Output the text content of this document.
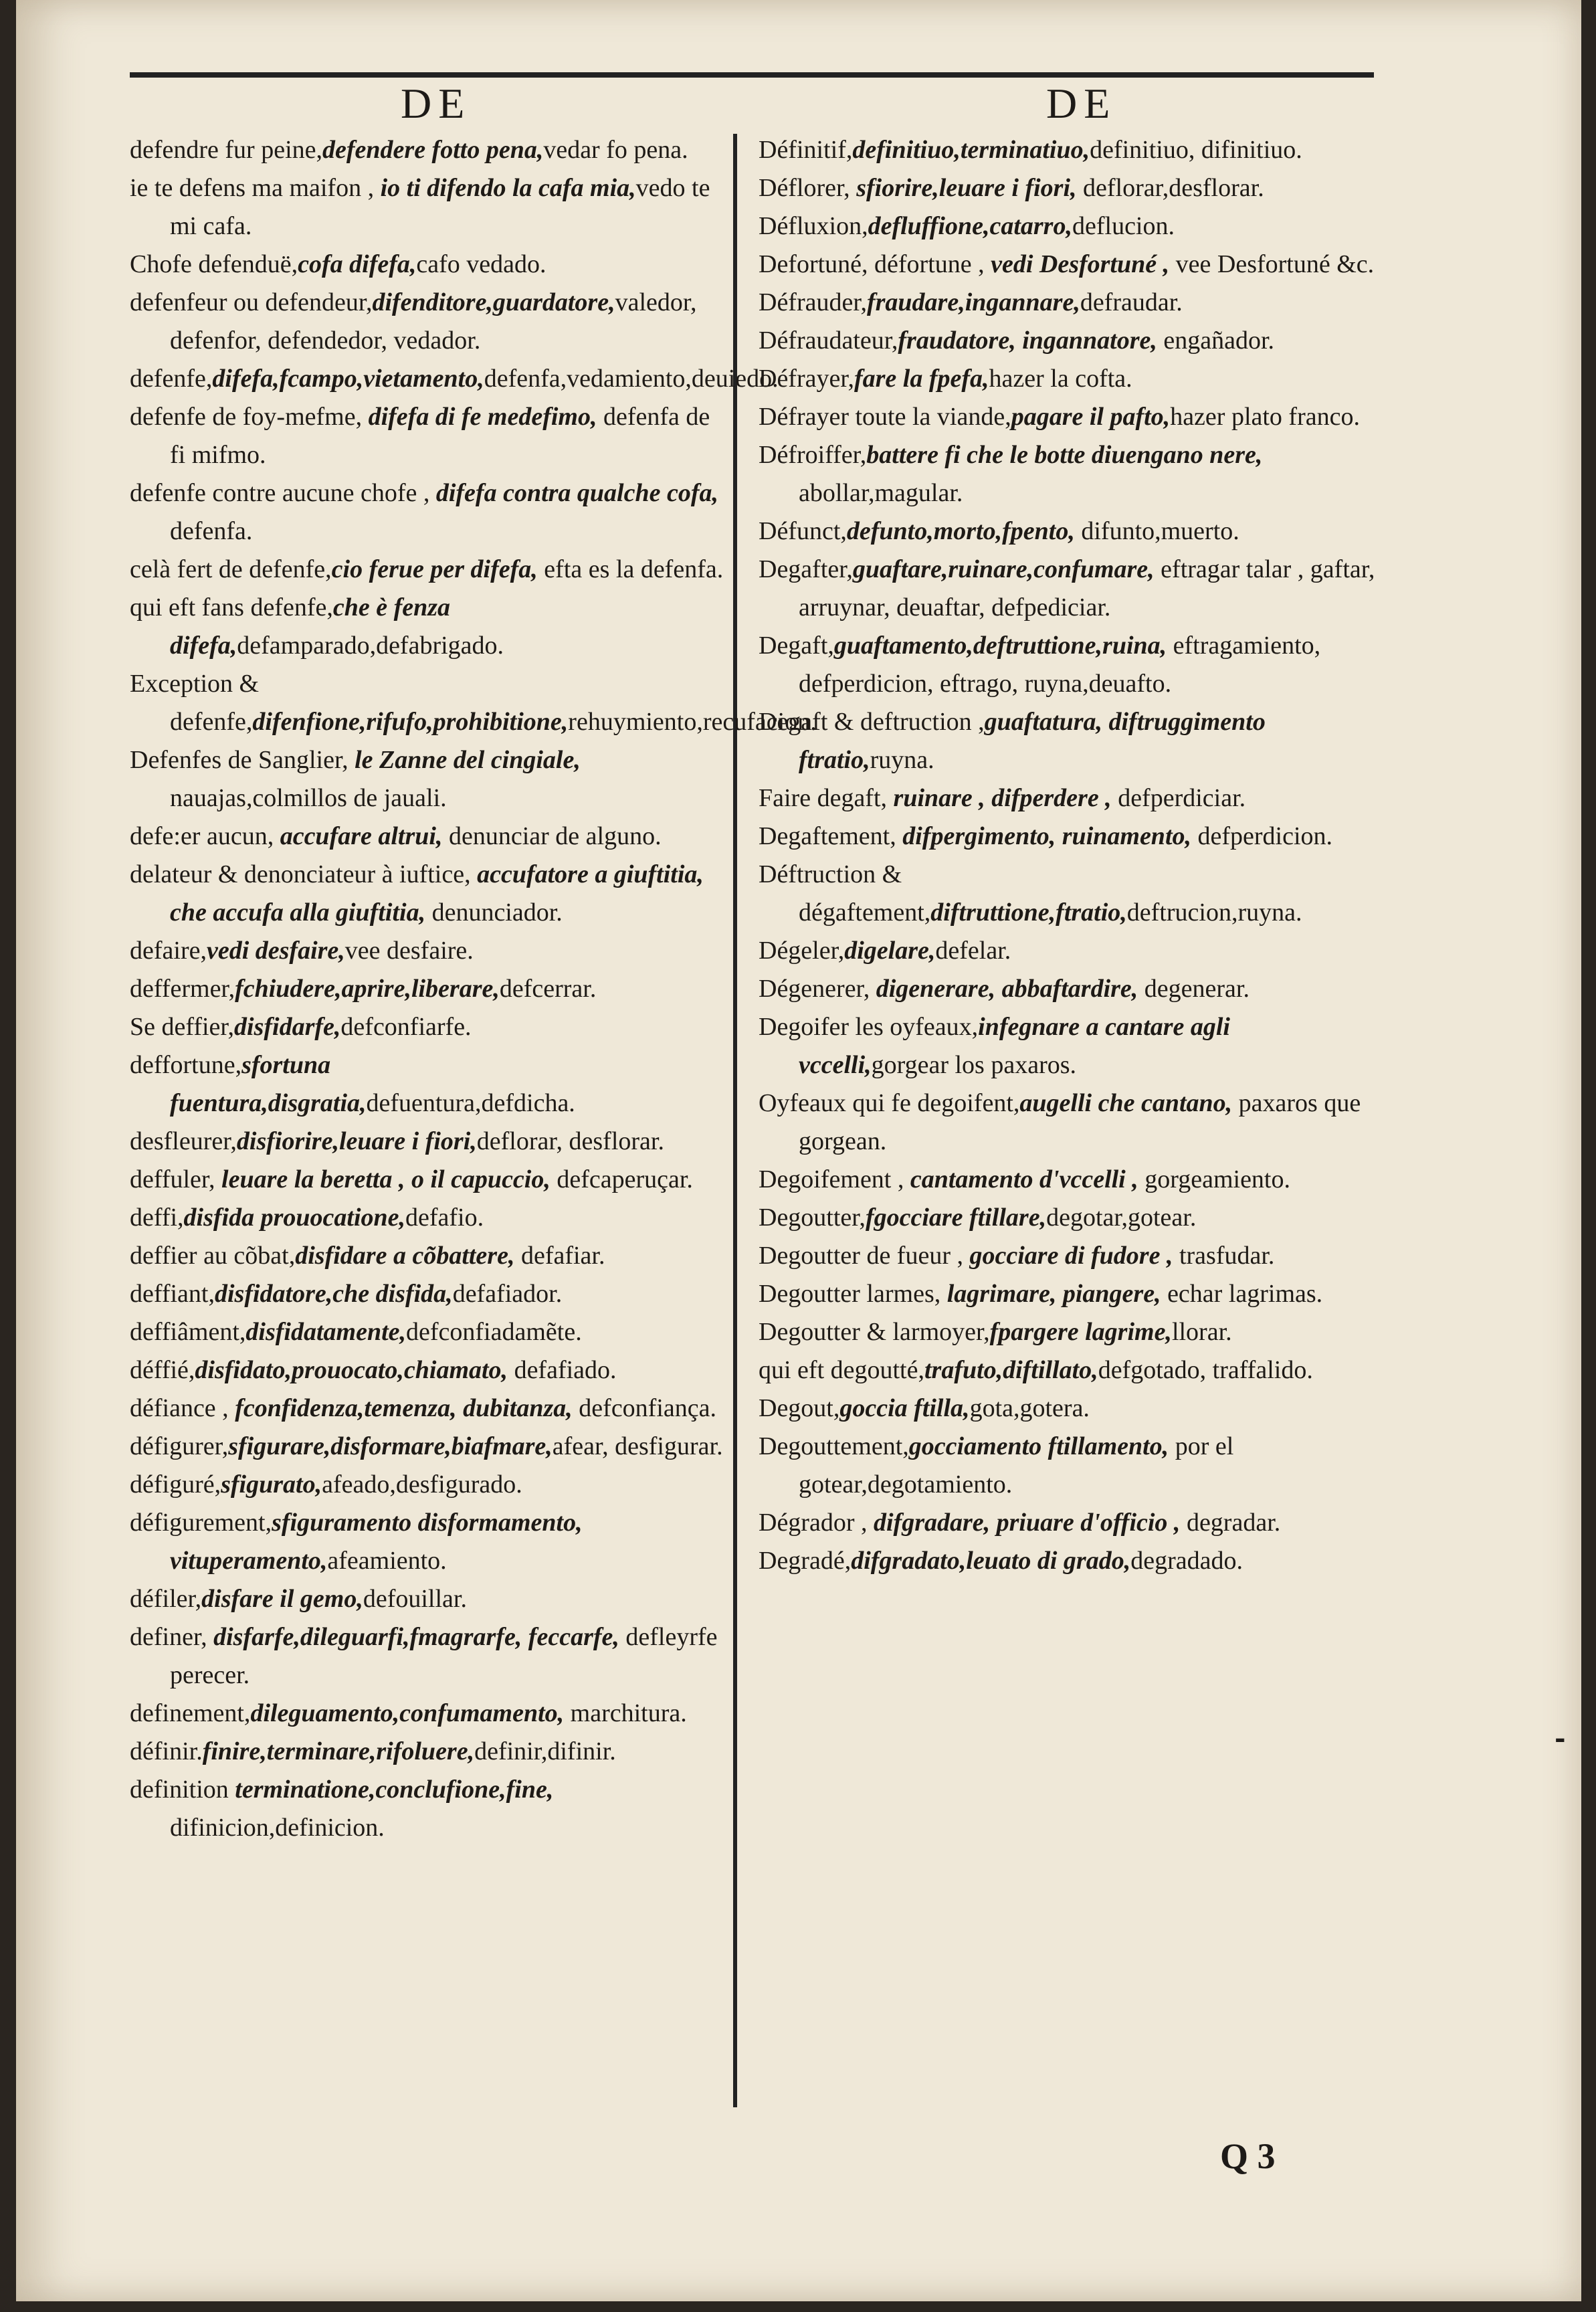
DE	DE

defendre fur peine,defendere fotto pena,vedar fo pena.

ie te defens ma maifon , io ti difendo la cafa mia,vedo te mi cafa.

Chofe defenduë,cofa difefa,cafo vedado.

defenfeur ou defendeur,difenditore,guardatore,valedor, defenfor, defendedor, vedador.

defenfe,difefa,fcampo,vietamento,defenfa,vedamiento,deuiedo.

defenfe de foy-mefme, difefa di fe medefimo, defenfa de fi mifmo.

defenfe contre aucune chofe , difefa contra qualche cofa, defenfa.

celà fert de defenfe,cio ferue per difefa, efta es la defenfa.

qui eft fans defenfe,che è fenza difefa,defamparado,defabrigado.

Exception & defenfe,difenfione,rifufo,prohibitione,rehuymiento,recufacion.

Defenfes de Sanglier, le Zanne del cingiale, nauajas,colmillos de jauali.

defe:er aucun, accufare altrui, denunciar de alguno.

delateur & denonciateur à iuftice, accufatore a giuftitia, che accufa alla giuftitia, denunciador.

defaire,vedi desfaire,vee desfaire.

deffermer,fchiudere,aprire,liberare,defcerrar.

Se deffier,disfidarfe,defconfiarfe.

deffortune,sfortuna fuentura,disgratia,defuentura,defdicha.

desfleurer,disfiorire,leuare i fiori,deflorar, desflorar.

deffuler, leuare la beretta , o il capuccio, defcaperuçar.

deffi,disfida prouocatione,defafio.

deffier au cõbat,disfidare a cõbattere, defafiar.

deffiant,disfidatore,che disfida,defafiador.

deffiâment,disfidatamente,defconfiadamẽte.

déffié,disfidato,prouocato,chiamato, defafiado.

défiance , fconfidenza,temenza, dubitanza, defconfiança.

défigurer,sfigurare,disformare,biafmare,afear, desfigurar.

défiguré,sfigurato,afeado,desfigurado.

défigurement,sfiguramento disformamento, vituperamento,afeamiento.

défiler,disfare il gemo,defouillar.

definer, disfarfe,dileguarfi,fmagrarfe, feccarfe, defleyrfe perecer.

definement,dileguamento,confumamento, marchitura.

définir.finire,terminare,rifoluere,definir,difinir.

definition terminatione,conclufione,fine, difinicion,definicion.

Définitif,definitiuo,terminatiuo,definitiuo, difinitiuo.

Déflorer, sfiorire,leuare i fiori, deflorar,desflorar.

Défluxion,defluffione,catarro,deflucion.

Defortuné, défortune , vedi Desfortuné , vee Desfortuné &c.

Défrauder,fraudare,ingannare,defraudar.

Défraudateur,fraudatore, ingannatore, engañador.

Défrayer,fare la fpefa,hazer la cofta.

Défrayer toute la viande,pagare il pafto,hazer plato franco.

Défroiffer,battere fi che le botte diuengano nere, abollar,magular.

Défunct,defunto,morto,fpento, difunto,muerto.

Degafter,guaftare,ruinare,confumare, eftragar talar , gaftar, arruynar, deuaftar, defpediciar.

Degaft,guaftamento,deftruttione,ruina, eftragamiento, defperdicion, eftrago, ruyna,deuafto.

Degaft & deftruction ,guaftatura, diftruggimento ftratio,ruyna.

Faire degaft, ruinare , difperdere , defperdiciar.

Degaftement, difpergimento, ruinamento, defperdicion.

Déftruction & dégaftement,diftruttione,ftratio,deftrucion,ruyna.

Dégeler,digelare,defelar.

Dégenerer, digenerare, abbaftardire, degenerar.

Degoifer les oyfeaux,infegnare a cantare agli vccelli,gorgear los paxaros.

Oyfeaux qui fe degoifent,augelli che cantano, paxaros que gorgean.

Degoifement , cantamento d'vccelli , gorgeamiento.

Degoutter,fgocciare ftillare,degotar,gotear.

Degoutter de fueur , gocciare di fudore , trasfudar.

Degoutter larmes, lagrimare, piangere, echar lagrimas.

Degoutter & larmoyer,fpargere lagrime,llorar.

qui eft degoutté,trafuto,diftillato,defgotado, traffalido.

Degout,goccia ftilla,gota,gotera.

Degouttement,gocciamento ftillamento, por el gotear,degotamiento.

Dégrador , difgradare, priuare d'officio , degradar.

Degradé,difgradato,leuato di grado,degradado.

Q 3
-
